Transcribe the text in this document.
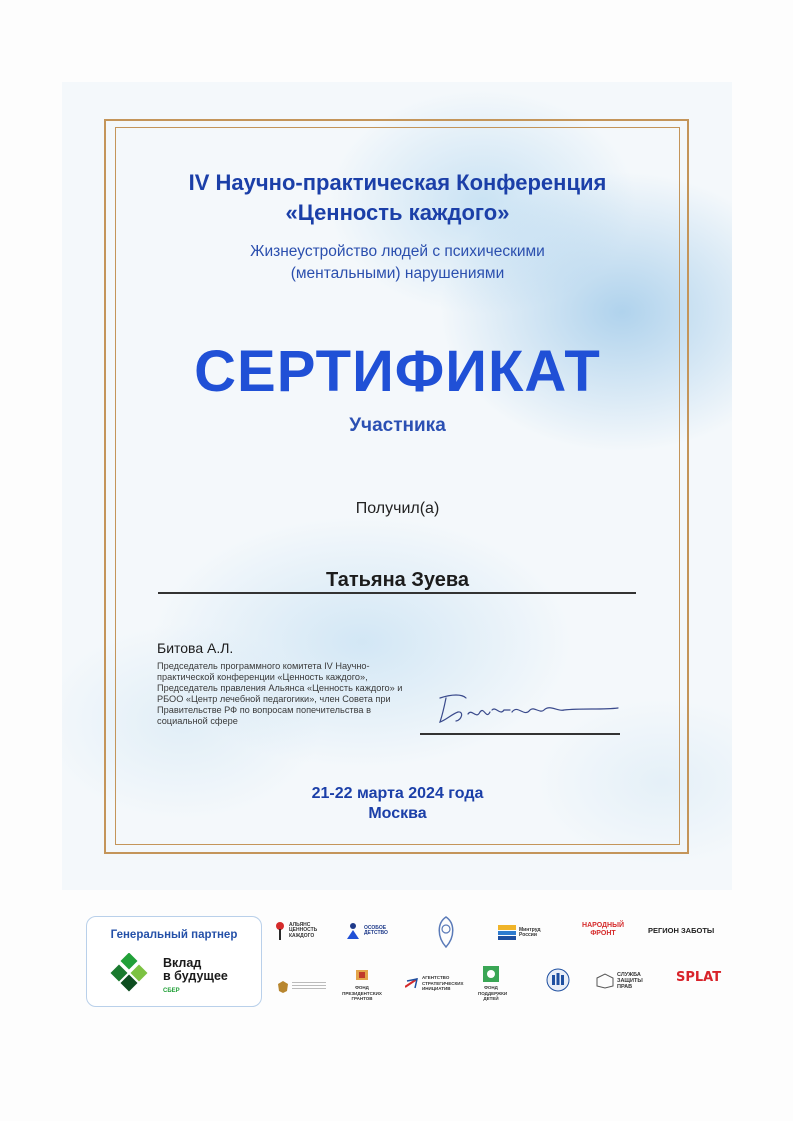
IV Научно-практическая Конференция
«Ценность каждого»
Жизнеустройство людей с психическими
(ментальными) нарушениями
СЕРТИФИКАТ
Участника
Получил(а)
Татьяна Зуева
Битова А.Л.
Председатель программного комитета IV Научно-практической конференции «Ценность каждого», Председатель правления Альянса «Ценность каждого» и РБОО «Центр лечебной педагогики», член Совета при Правительстве РФ по вопросам попечительства в социальной сфере
21-22 марта 2024 года
Москва
Генеральный партнер
Вклад
в будущее
СБЕР
АЛЬЯНС ЦЕННОСТЬ КАЖДОГО
ОСОБОЕ ДЕТСТВО
Минтруд России
НАРОДНЫЙ ФРОНТ	РЕГИОН ЗАБОТЫ
ФОНД ПРЕЗИДЕНТСКИХ ГРАНТОВ
АГЕНТСТВО СТРАТЕГИЧЕСКИХ ИНИЦИАТИВ	ФОНД ПОДДЕРЖКИ ДЕТЕЙ
СЛУЖБА ЗАЩИТЫ ПРАВ
SPLAT
